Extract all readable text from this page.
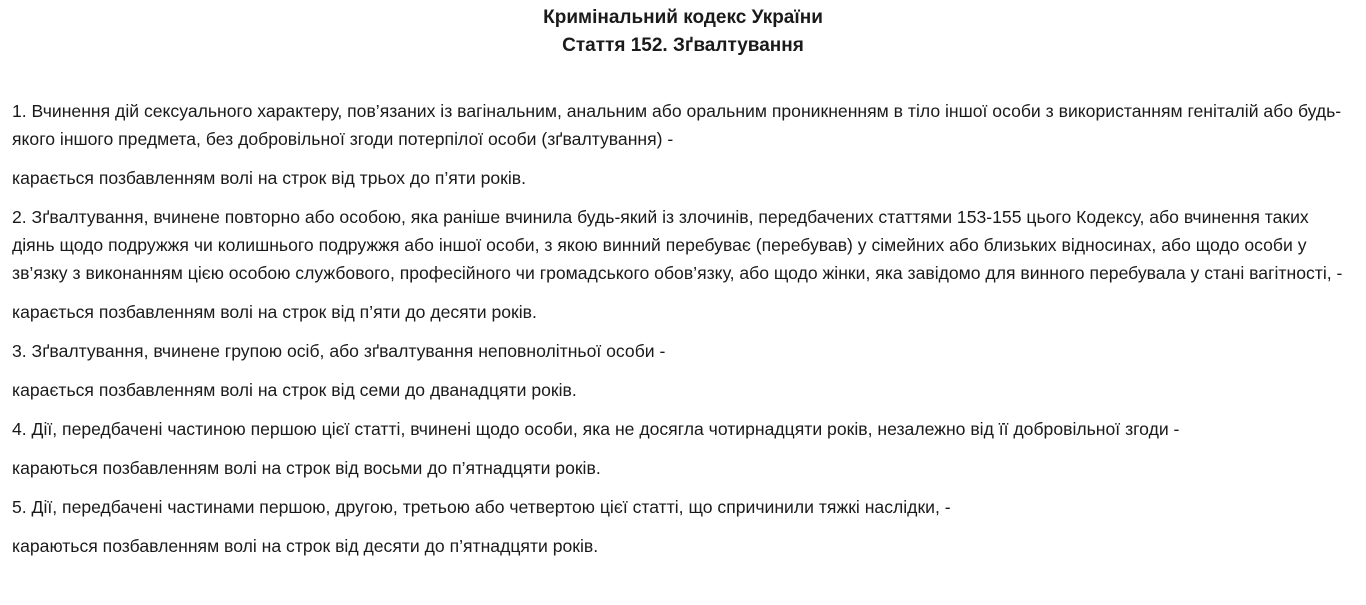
Кримінальний кодекс України
Стаття 152. Зґвалтування

1. Вчинення дій сексуального характеру, пов’язаних із вагінальним, анальним або оральним проникненням в тіло іншої особи з використанням геніталій або будь-якого іншого предмета, без добровільної згоди потерпілої особи (зґвалтування) -

карається позбавленням волі на строк від трьох до п’яти років.

2. Зґвалтування, вчинене повторно або особою, яка раніше вчинила будь-який із злочинів, передбачених статтями 153-155 цього Кодексу, або вчинення таких діянь щодо подружжя чи колишнього подружжя або іншої особи, з якою винний перебуває (перебував) у сімейних або близьких відносинах, або щодо особи у зв’язку з виконанням цією особою службового, професійного чи громадського обов’язку, або щодо жінки, яка завідомо для винного перебувала у стані вагітності, -

карається позбавленням волі на строк від п’яти до десяти років.

3. Зґвалтування, вчинене групою осіб, або зґвалтування неповнолітньої особи -

карається позбавленням волі на строк від семи до дванадцяти років.

4. Дії, передбачені частиною першою цієї статті, вчинені щодо особи, яка не досягла чотирнадцяти років, незалежно від її добровільної згоди -

караються позбавленням волі на строк від восьми до п’ятнадцяти років.

5. Дії, передбачені частинами першою, другою, третьою або четвертою цієї статті, що спричинили тяжкі наслідки, -

караються позбавленням волі на строк від десяти до п’ятнадцяти років.
